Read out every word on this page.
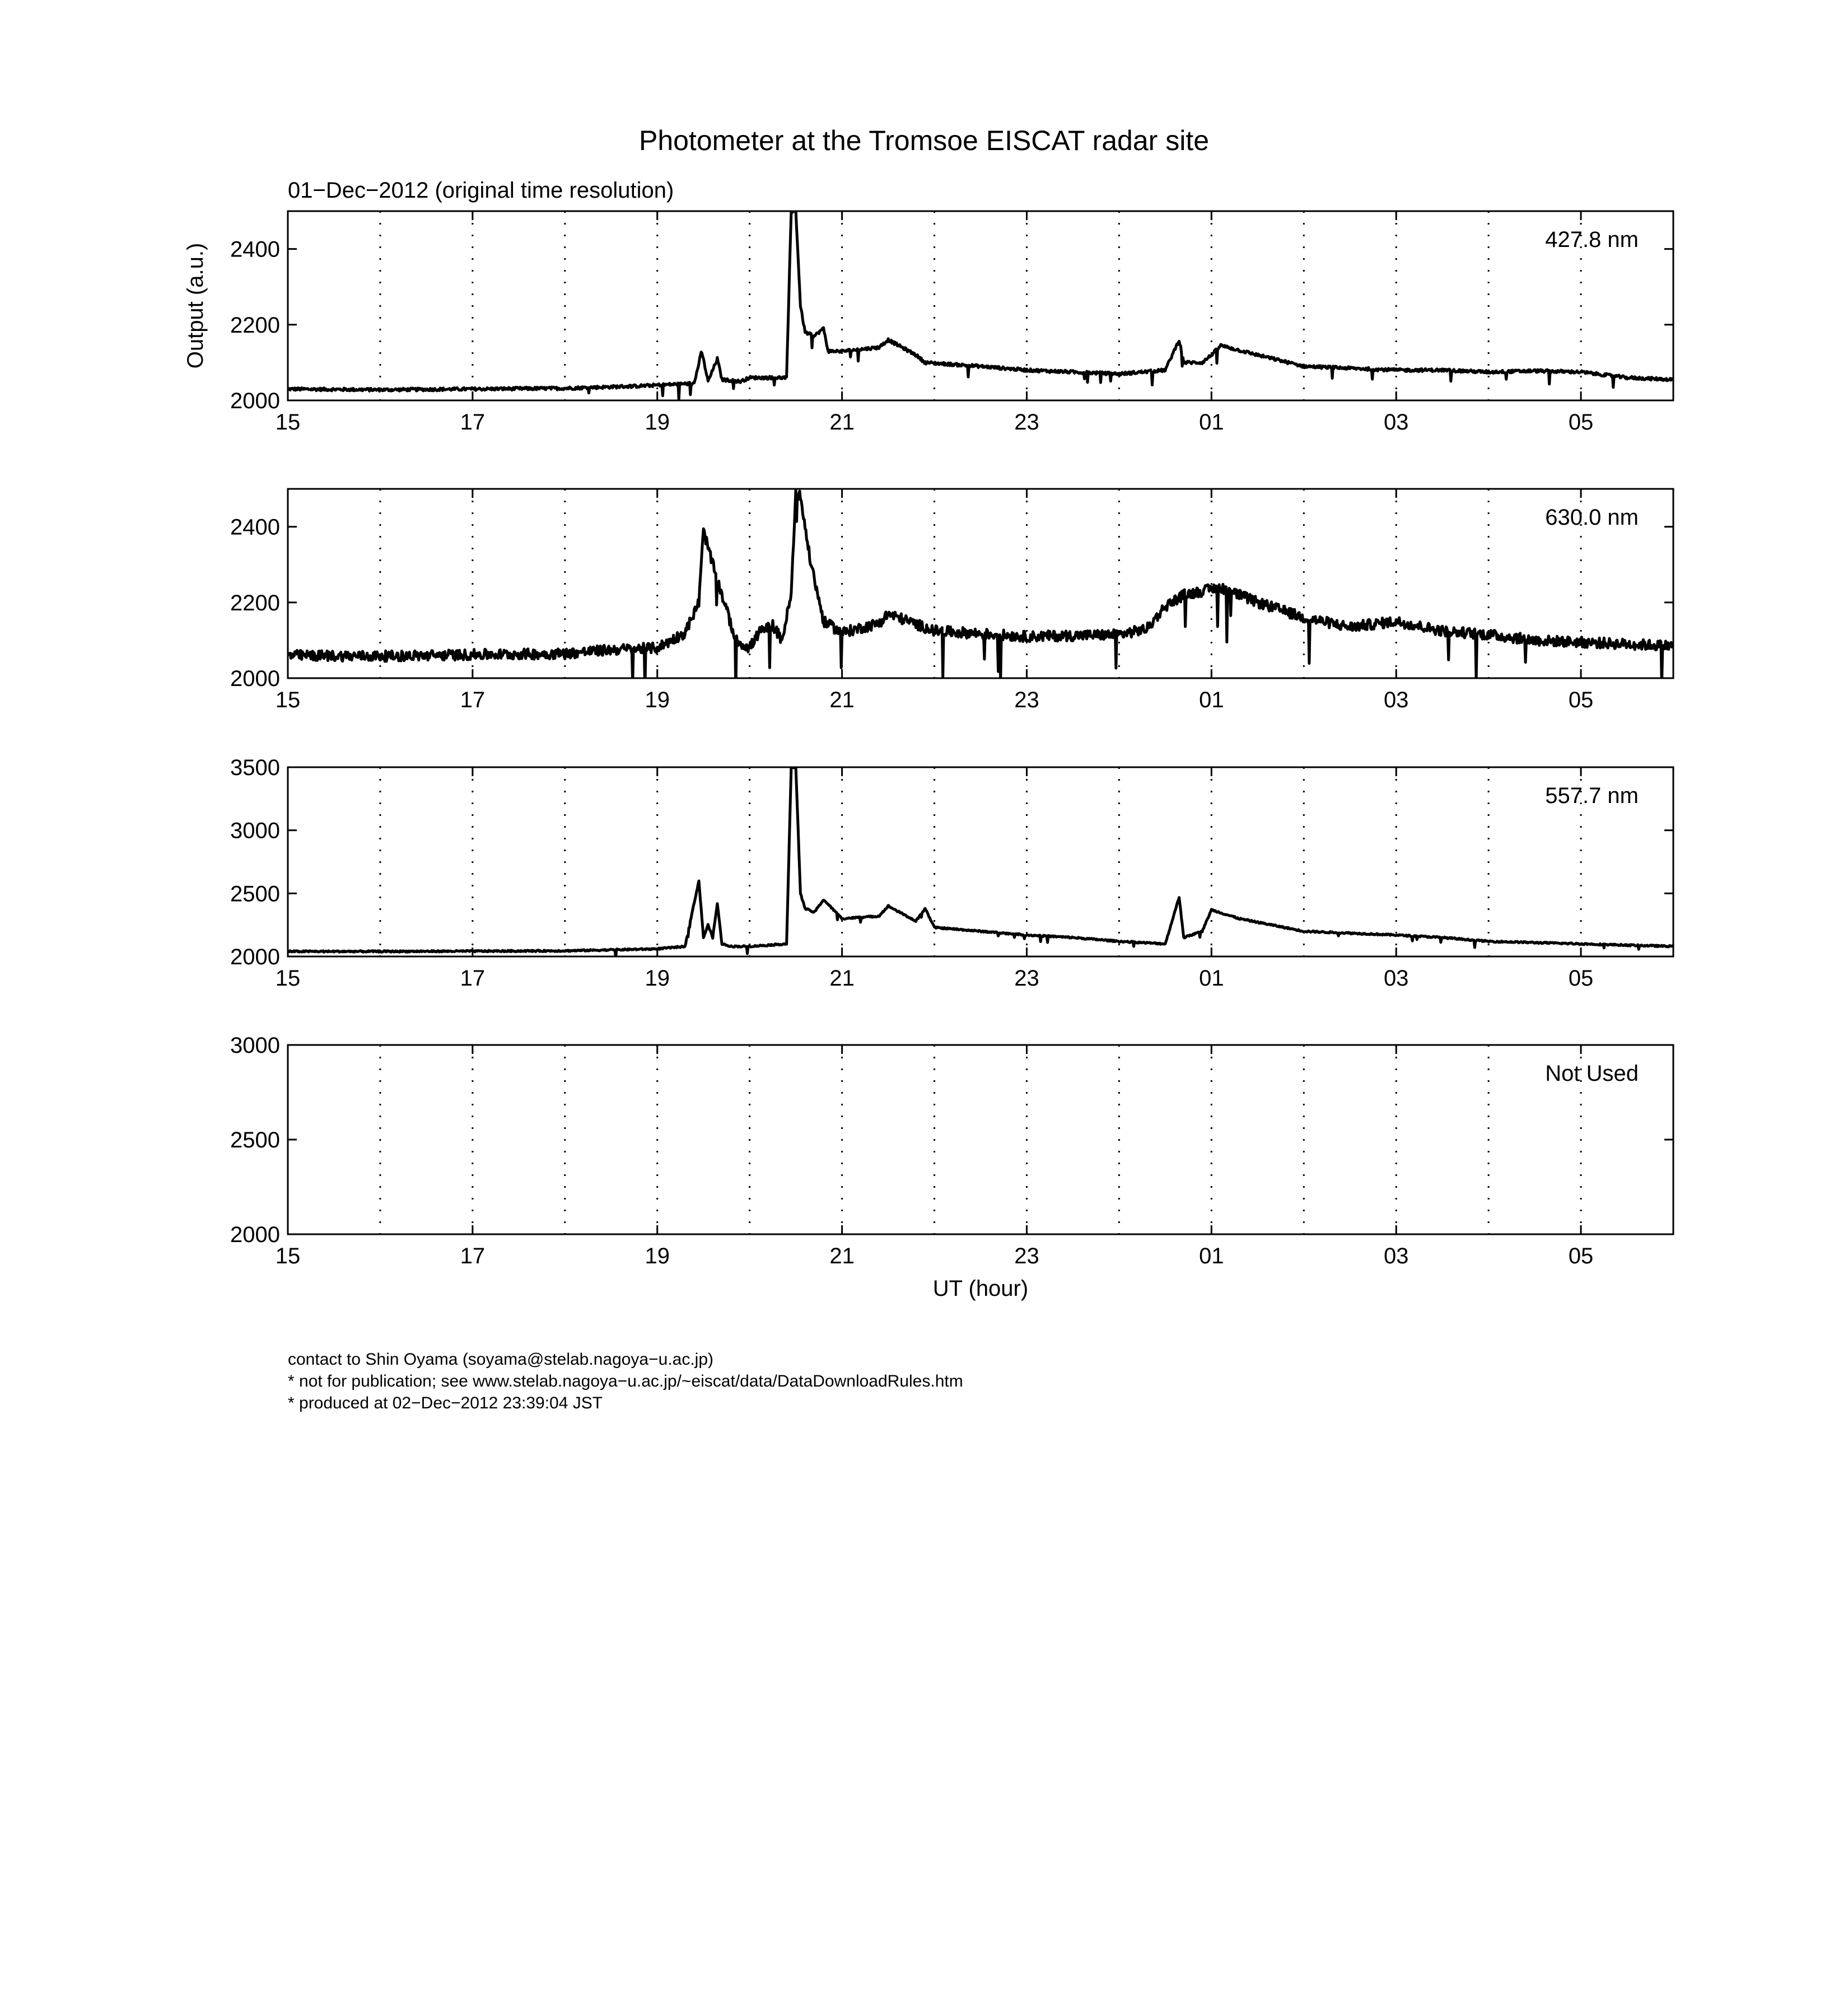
Photometer at the Tromsoe EISCAT radar site
01−Dec−2012 (original time resolution)
15	17	19	21	23	01	03	05
2000
2200
2400	427.8 nm
Output (a.u.)
15	17	19	21	23	01	03	05
2000
2200
2400	630.0 nm
15	17	19	21	23	01	03	05
2000
2500
3000
3500
557.7 nm
15	17	19	21	23	01	03	05
2000
2500
3000
Not Used
UT (hour)
contact to Shin Oyama (soyama@stelab.nagoya−u.ac.jp)
* not for publication; see www.stelab.nagoya−u.ac.jp/~eiscat/data/DataDownloadRules.htm
* produced at 02−Dec−2012 23:39:04 JST
